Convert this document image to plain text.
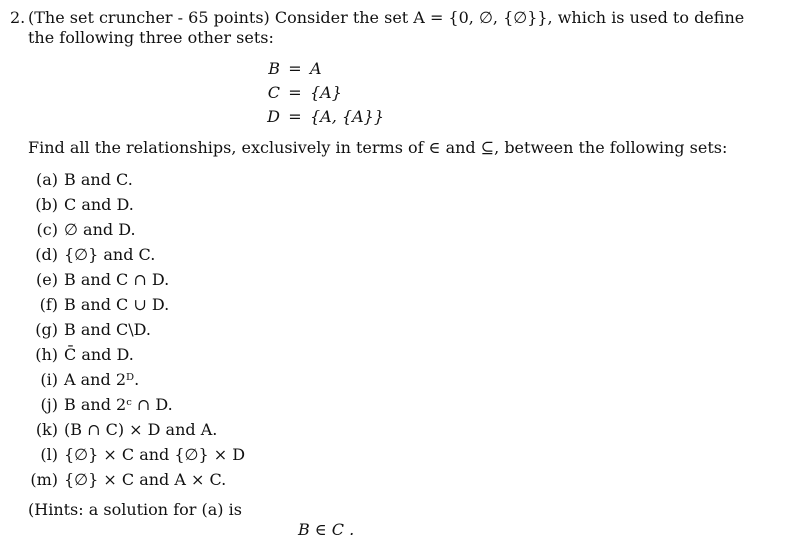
2. (The set cruncher - 65 points) Consider the set A = {0, ∅, {∅}}, which is used to define
the following three other sets:
B = A
C = {A}
D = {A, {A}}
Find all the relationships, exclusively in terms of ∈ and ⊆, between the following sets:
(a) B and C.
(b) C and D.
(c) ∅ and D.
(d) {∅} and C.
(e) B and C ∩ D.
(f) B and C ∪ D.
(g) B and C\D.
(h) C̄ and D.
(i) A and 2ᴰ.
(j) B and 2ᶜ ∩ D.
(k) (B ∩ C) × D and A.
(l) {∅} × C and {∅} × D
(m) {∅} × C and A × C.
(Hints: a solution for (a) is
B ∈ C .
